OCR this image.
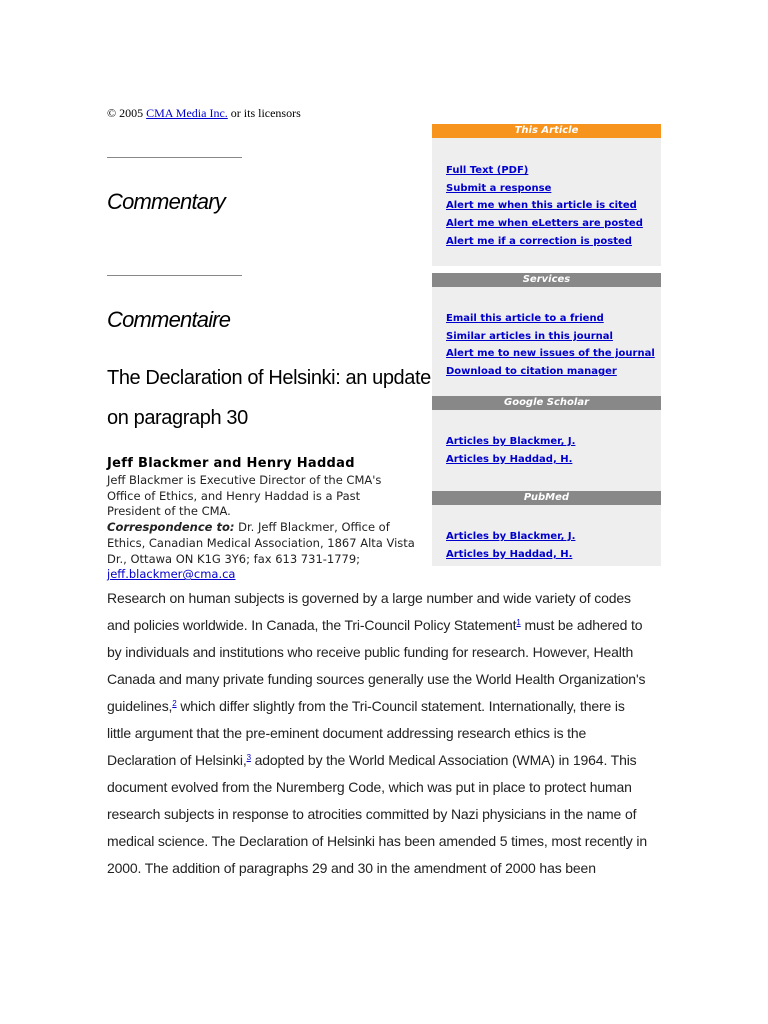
© 2005 CMA Media Inc. or its licensors
Commentary
Commentaire
The Declaration of Helsinki: an update on paragraph 30
Jeff Blackmer and Henry Haddad
Jeff Blackmer is Executive Director of the CMA's Office of Ethics, and Henry Haddad is a Past President of the CMA.
Correspondence to: Dr. Jeff Blackmer, Office of Ethics, Canadian Medical Association, 1867 Alta Vista Dr., Ottawa ON K1G 3Y6; fax 613 731-1779; jeff.blackmer@cma.ca
Research on human subjects is governed by a large number and wide variety of codes and policies worldwide. In Canada, the Tri-Council Policy Statement$^1$ must be adhered to by individuals and institutions who receive public funding for research. However, Health Canada and many private funding sources generally use the World Health Organization's guidelines,$^2$ which differ slightly from the Tri-Council statement. Internationally, there is little argument that the pre-eminent document addressing research ethics is the Declaration of Helsinki,$^3$ adopted by the World Medical Association (WMA) in 1964. This document evolved from the Nuremberg Code, which was put in place to protect human research subjects in response to atrocities committed by Nazi physicians in the name of medical science. The Declaration of Helsinki has been amended 5 times, most recently in 2000. The addition of paragraphs 29 and 30 in the amendment of 2000 has been
This Article
Full Text (PDF)
Submit a response
Alert me when this article is cited
Alert me when eLetters are posted
Alert me if a correction is posted
Services
Email this article to a friend
Similar articles in this journal
Alert me to new issues of the journal
Download to citation manager
Google Scholar
Articles by Blackmer, J.
Articles by Haddad, H.
PubMed
Articles by Blackmer, J.
Articles by Haddad, H.
